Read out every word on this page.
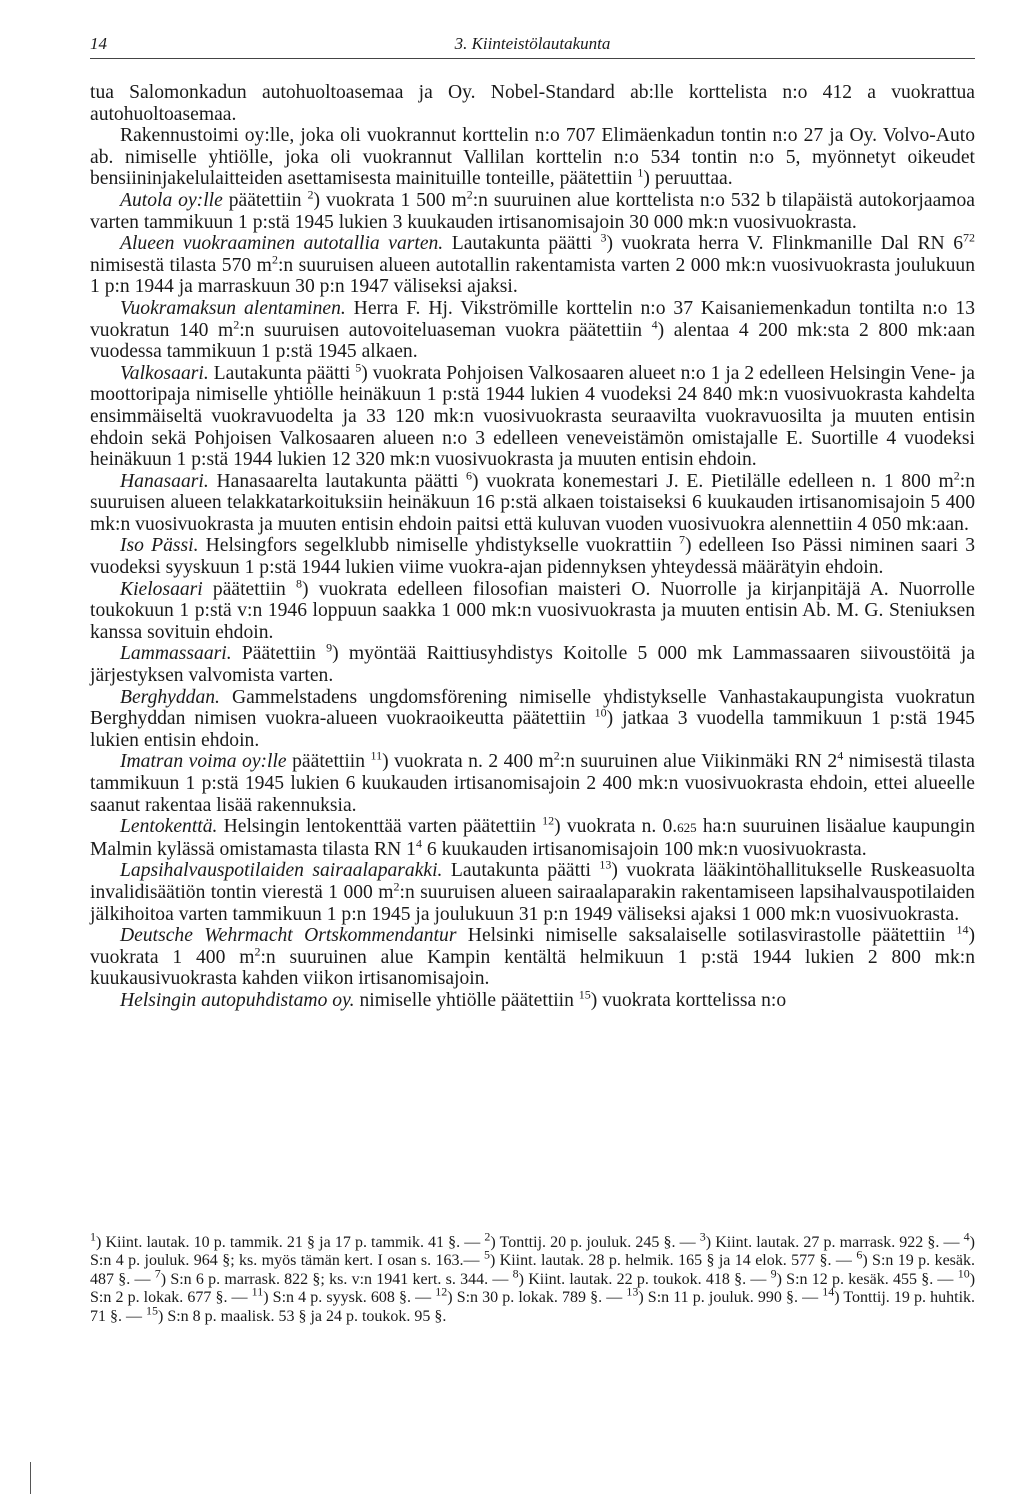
14	3. Kiinteistölautakunta

tua Salomonkadun autohuoltoasemaa ja Oy. Nobel-Standard ab:lle korttelista n:o 412 a vuokrattua autohuoltoasemaa.

Rakennustoimi oy:lle, joka oli vuokrannut korttelin n:o 707 Elimäenkadun tontin n:o 27 ja Oy. Volvo-Auto ab. nimiselle yhtiölle, joka oli vuokrannut Vallilan korttelin n:o 534 tontin n:o 5, myönnetyt oikeudet bensiininjakelulaitteiden asettamisesta mainituille tonteille, päätettiin $^1$) peruuttaa.

Autola oy:lle päätettiin $^2$) vuokrata 1 500 $m^2:n$ suuruinen alue korttelista n:o 532 b tilapäistä autokorjaamoa varten tammikuun 1 p:stä 1945 lukien 3 kuukauden irtisanomisajoin 30 000 mk:n vuosivuokrasta.

Alueen vuokraaminen autotallia varten. Lautakunta päätti $^3$) vuokrata herra V. Flinkmanille Dal RN $6^{72}$ nimisestä tilasta 570 $m^2:n$ suuruisen alueen autotallin rakentamista varten 2 000 mk:n vuosivuokrasta joulukuun 1 p:n 1944 ja marraskuun 30 p:n 1947 väliseksi ajaksi.

Vuokramaksun alentaminen. Herra F. Hj. Vikströmille korttelin n:o 37 Kaisaniemenkadun tontilta n:o 13 vuokratun 140 $m^2:n$ suuruisen autovoiteluaseman vuokra päätettiin $^4$) alentaa 4 200 mk:sta 2 800 mk:aan vuodessa tammikuun 1 p:stä 1945 alkaen.

Valkosaari. Lautakunta päätti $^5$) vuokrata Pohjoisen Valkosaaren alueet n:o 1 ja 2 edelleen Helsingin Vene- ja moottoripaja nimiselle yhtiölle heinäkuun 1 p:stä 1944 lukien 4 vuodeksi 24 840 mk:n vuosivuokrasta kahdelta ensimmäiseltä vuokravuodelta ja 33 120 mk:n vuosivuokrasta seuraavilta vuokravuosilta ja muuten entisin ehdoin sekä Pohjoisen Valkosaaren alueen n:o 3 edelleen veneveistämön omistajalle E. Suortille 4 vuodeksi heinäkuun 1 p:stä 1944 lukien 12 320 mk:n vuosivuokrasta ja muuten entisin ehdoin.

Hanasaari. Hanasaarelta lautakunta päätti $^6$) vuokrata konemestari J. E. Pietilälle edelleen n. 1 800 $m^2:n$ suuruisen alueen telakkatarkoituksiin heinäkuun 16 p:stä alkaen toistaiseksi 6 kuukauden irtisanomisajoin 5 400 mk:n vuosivuokrasta ja muuten entisin ehdoin paitsi että kuluvan vuoden vuosivuokra alennettiin 4 050 mk:aan.

Iso Pässi. Helsingfors segelklubb nimiselle yhdistykselle vuokrattiin $^7$) edelleen Iso Pässi niminen saari 3 vuodeksi syyskuun 1 p:stä 1944 lukien viime vuokra-ajan pidennyksen yhteydessä määrätyin ehdoin.

Kielosaari päätettiin $^8$) vuokrata edelleen filosofian maisteri O. Nuorrolle ja kirjanpitäjä A. Nuorrolle toukokuun 1 p:stä v:n 1946 loppuun saakka 1 000 mk:n vuosivuokrasta ja muuten entisin Ab. M. G. Steniuksen kanssa sovituin ehdoin.

Lammassaari. Päätettiin $^9$) myöntää Raittiusyhdistys Koitolle 5 000 mk Lammassaaren siivoustöitä ja järjestyksen valvomista varten.

Berghyddan. Gammelstadens ungdomsförening nimiselle yhdistykselle Vanhastakaupungista vuokratun Berghyddan nimisen vuokra-alueen vuokraoikeutta päätettiin $^{10}$) jatkaa 3 vuodella tammikuun 1 p:stä 1945 lukien entisin ehdoin.

Imatran voima oy:lle päätettiin $^{11}$) vuokrata n. 2 400 $m^2:n$ suuruinen alue Viikinmäki RN $2^4$ nimisestä tilasta tammikuun 1 p:stä 1945 lukien 6 kuukauden irtisanomisajoin 2 400 mk:n vuosivuokrasta ehdoin, ettei alueelle saanut rakentaa lisää rakennuksia.

Lentokenttä. Helsingin lentokenttää varten päätettiin $^{12}$) vuokrata n. 0.625 ha:n suuruinen lisäalue kaupungin Malmin kylässä omistamasta tilasta RN $1^4$ 6 kuukauden irtisanomisajoin 100 mk:n vuosivuokrasta.

Lapsihalvauspotilaiden sairaalaparakki. Lautakunta päätti $^{13}$) vuokrata lääkintöhallitukselle Ruskeasuolta invalidisäätiön tontin vierestä 1 000 $m^2:n$ suuruisen alueen sairaalaparakin rakentamiseen lapsihalvauspotilaiden jälkihoitoa varten tammikuun 1 p:n 1945 ja joulukuun 31 p:n 1949 väliseksi ajaksi 1 000 mk:n vuosivuokrasta.

Deutsche Wehrmacht Ortskommendantur Helsinki nimiselle saksalaiselle sotilasvirastolle päätettiin $^{14}$) vuokrata 1 400 $m^2:n$ suuruinen alue Kampin kentältä helmikuun 1 p:stä 1944 lukien 2 800 mk:n kuukausivuokrasta kahden viikon irtisanomisajoin.

Helsingin autopuhdistamo oy. nimiselle yhtiölle päätettiin $^{15}$) vuokrata korttelissa n:o

$^1$) Kiint. lautak. 10 p. tammik. 21 § ja 17 p. tammik. 41 §. — $^2$) Tonttij. 20 p. jouluk. 245 §. — $^3$) Kiint. lautak. 27 p. marrask. 922 §. — $^4$) S:n 4 p. jouluk. 964 §; ks. myös tämän kert. I osan s. 163.— $^5$) Kiint. lautak. 28 p. helmik. 165 § ja 14 elok. 577 §. — $^6$) S:n 19 p. kesäk. 487 §. — $^7$) S:n 6 p. marrask. 822 §; ks. v:n 1941 kert. s. 344. — $^8$) Kiint. lautak. 22 p. toukok. 418 §. — $^9$) S:n 12 p. kesäk. 455 §. — $^{10}$) S:n 2 p. lokak. 677 §. — $^{11}$) S:n 4 p. syysk. 608 §. — $^{12}$) S:n 30 p. lokak. 789 §. — $^{13}$) S:n 11 p. jouluk. 990 §. — $^{14}$) Tonttij. 19 p. huhtik. 71 §. — $^{15}$) S:n 8 p. maalisk. 53 § ja 24 p. toukok. 95 §.
